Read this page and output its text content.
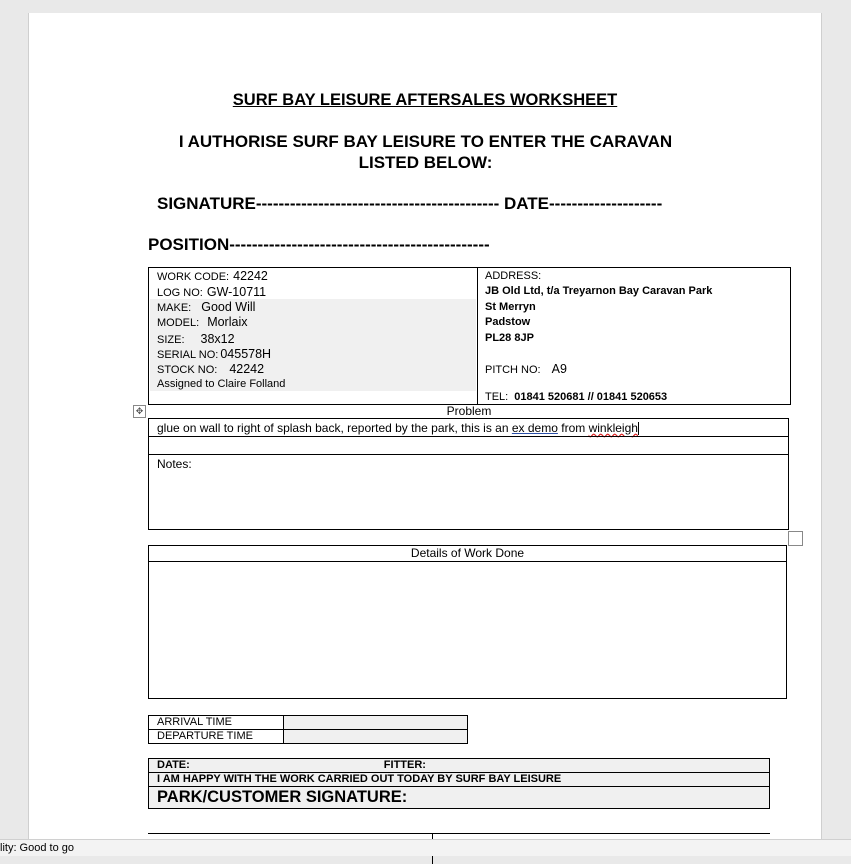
SURF BAY LEISURE AFTERSALES WORKSHEET
I AUTHORISE SURF BAY LEISURE TO ENTER THE CARAVAN LISTED BELOW:
SIGNATURE------------------------------------------- DATE--------------------
POSITION----------------------------------------------
WORK CODE: 42242
LOG NO: GW-10711
MAKE: Good Will
MODEL: Morlaix
SIZE: 38x12
SERIAL NO: 045578H
STOCK NO: 42242
Assigned to Claire Folland
ADDRESS:
JB Old Ltd, t/a Treyarnon Bay Caravan Park
St Merryn
Padstow
PL28 8JP
PITCH NO: A9
TEL: 01841 520681 // 01841 520653
✥	Problem
glue on wall to right of splash back, reported by the park, this is an ex demo from winkleigh
Notes:
Details of Work Done
ARRIVAL TIME	
DEPARTURE TIME	
DATE:	FITTER:
I AM HAPPY WITH THE WORK CARRIED OUT TODAY BY SURF BAY LEISURE
PARK/CUSTOMER SIGNATURE:
lity: Good to go
